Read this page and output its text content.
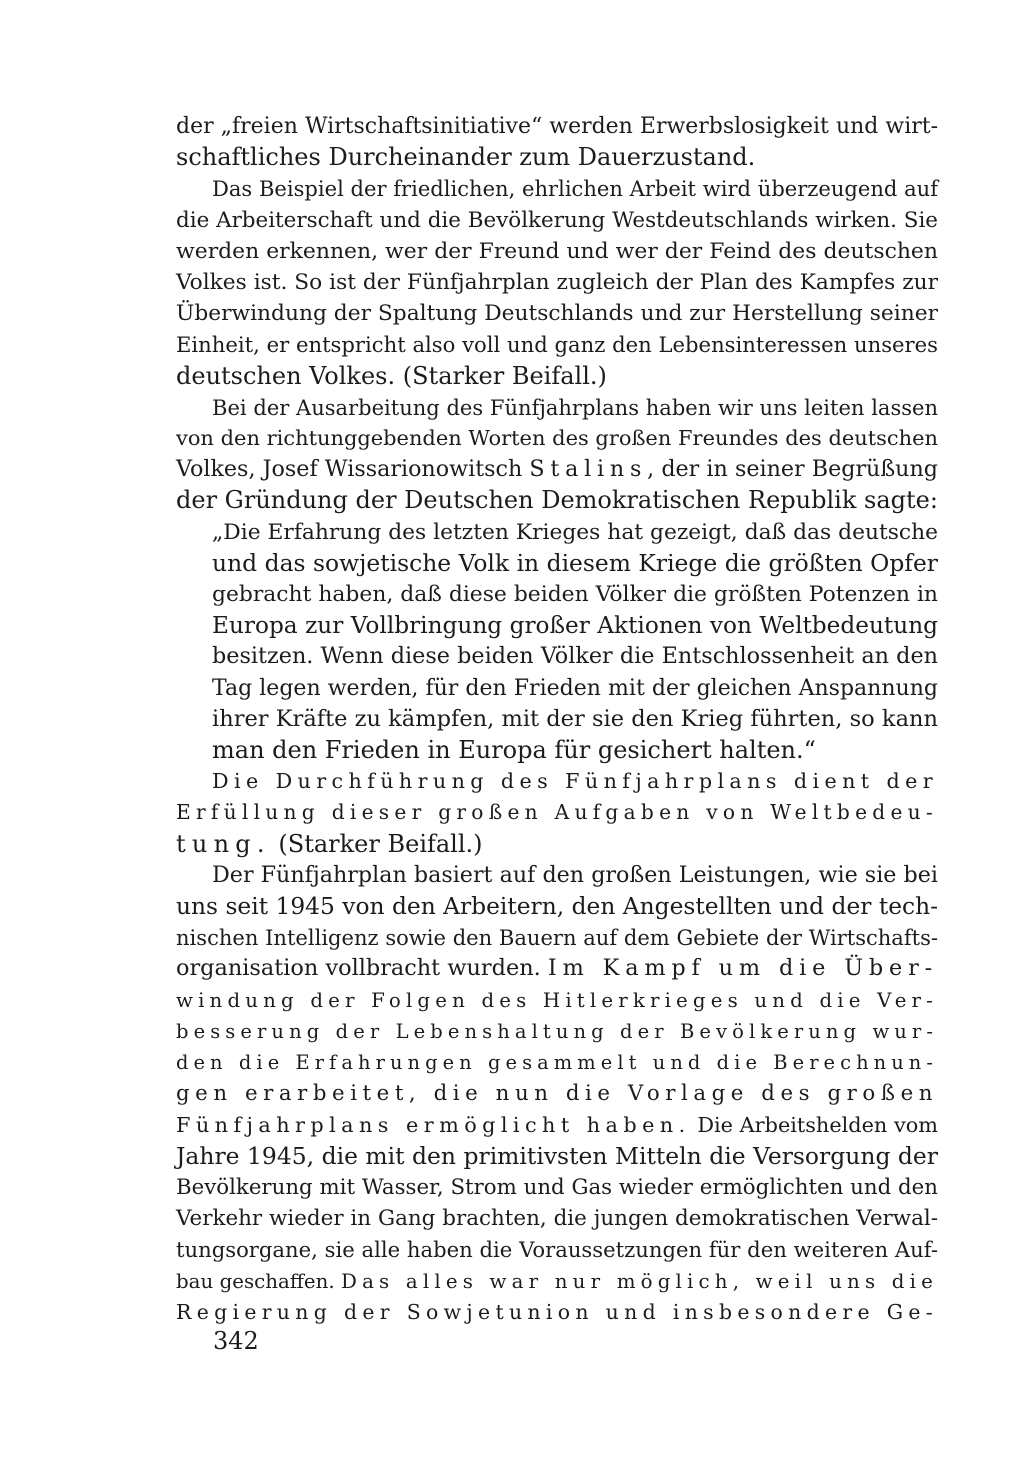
der „freien Wirtschaftsinitiative“ werden Erwerbslosigkeit und wirt-
schaftliches Durcheinander zum Dauerzustand.
Das Beispiel der friedlichen, ehrlichen Arbeit wird überzeugend auf
die Arbeiterschaft und die Bevölkerung Westdeutschlands wirken. Sie
werden erkennen, wer der Freund und wer der Feind des deutschen
Volkes ist. So ist der Fünfjahrplan zugleich der Plan des Kampfes zur
Überwindung der Spaltung Deutschlands und zur Herstellung seiner
Einheit, er entspricht also voll und ganz den Lebensinteressen unseres
deutschen Volkes. (Starker Beifall.)
Bei der Ausarbeitung des Fünfjahrplans haben wir uns leiten lassen
von den richtunggebenden Worten des großen Freundes des deutschen
Volkes, Josef Wissarionowitsch Stalins, der in seiner Begrüßung
der Gründung der Deutschen Demokratischen Republik sagte:
„Die Erfahrung des letzten Krieges hat gezeigt, daß das deutsche
und das sowjetische Volk in diesem Kriege die größten Opfer
gebracht haben, daß diese beiden Völker die größten Potenzen in
Europa zur Vollbringung großer Aktionen von Weltbedeutung
besitzen. Wenn diese beiden Völker die Entschlossenheit an den
Tag legen werden, für den Frieden mit der gleichen Anspannung
ihrer Kräfte zu kämpfen, mit der sie den Krieg führten, so kann
man den Frieden in Europa für gesichert halten.“
Die Durchführung des Fünfjahrplans dient der
Erfüllung dieser großen Aufgaben von Weltbedeu-
tung. (Starker Beifall.)
Der Fünfjahrplan basiert auf den großen Leistungen, wie sie bei
uns seit 1945 von den Arbeitern, den Angestellten und der tech-
nischen Intelligenz sowie den Bauern auf dem Gebiete der Wirtschafts-
organisation vollbracht wurden. Im Kampf um die Über-
windung der Folgen des Hitlerkrieges und die Ver-
besserung der Lebenshaltung der Bevölkerung wur-
den die Erfahrungen gesammelt und die Berechnun-
gen erarbeitet, die nun die Vorlage des großen
Fünfjahrplans ermöglicht haben. Die Arbeitshelden vom
Jahre 1945, die mit den primitivsten Mitteln die Versorgung der
Bevölkerung mit Wasser, Strom und Gas wieder ermöglichten und den
Verkehr wieder in Gang brachten, die jungen demokratischen Verwal-
tungsorgane, sie alle haben die Voraussetzungen für den weiteren Auf-
bau geschaffen. Das alles war nur möglich, weil uns die
Regierung der Sowjetunion und insbesondere Ge-
342
